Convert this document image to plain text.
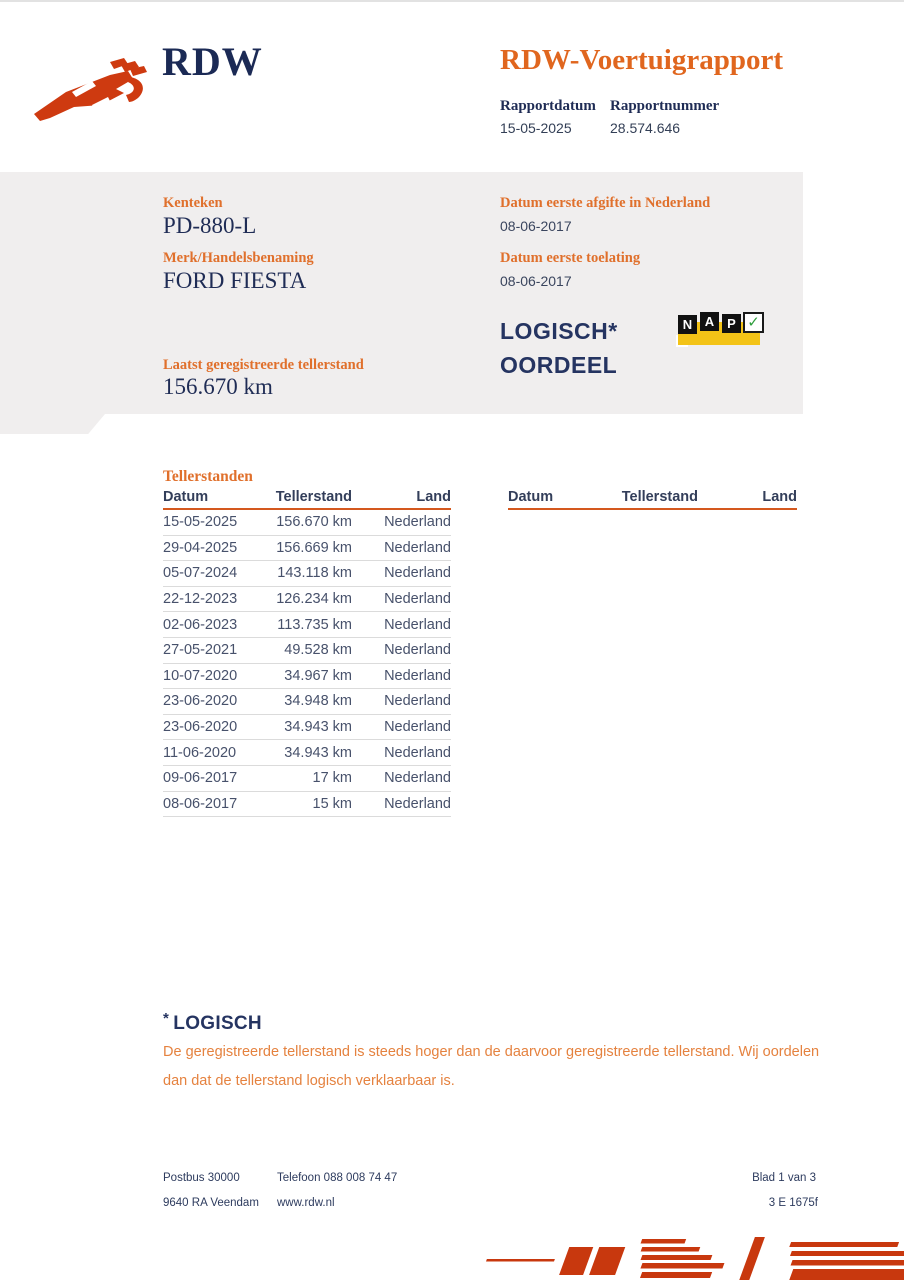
RDW	RDW-Voertuigrapport
Rapportdatum Rapportnummer
15-05-2025	28.574.646
Kenteken
PD-880-L
Merk/Handelsbenaming
FORD FIESTA
Laatst geregistreerde tellerstand
156.670 km
Datum eerste afgifte in Nederland
08-06-2017
Datum eerste toelating
08-06-2017
LOGISCH*
OORDEEL
N A P ✓
Tellerstanden
Datum	Tellerstand	Land
15-05-2025	156.670 km	Nederland
29-04-2025	156.669 km	Nederland
05-07-2024	143.118 km	Nederland
22-12-2023	126.234 km	Nederland
02-06-2023	113.735 km	Nederland
27-05-2021	49.528 km	Nederland
10-07-2020	34.967 km	Nederland
23-06-2020	34.948 km	Nederland
23-06-2020	34.943 km	Nederland
11-06-2020	34.943 km	Nederland
09-06-2017	17 km	Nederland
08-06-2017	15 km	Nederland
Datum	Tellerstand	Land
* LOGISCH
De geregistreerde tellerstand is steeds hoger dan de daarvoor geregistreerde tellerstand. Wij oordelen dan dat de tellerstand logisch verklaarbaar is.
Postbus 30000
9640 RA Veendam
Telefoon 088 008 74 47
www.rdw.nl
Blad 1 van 3
3 E 1675f
